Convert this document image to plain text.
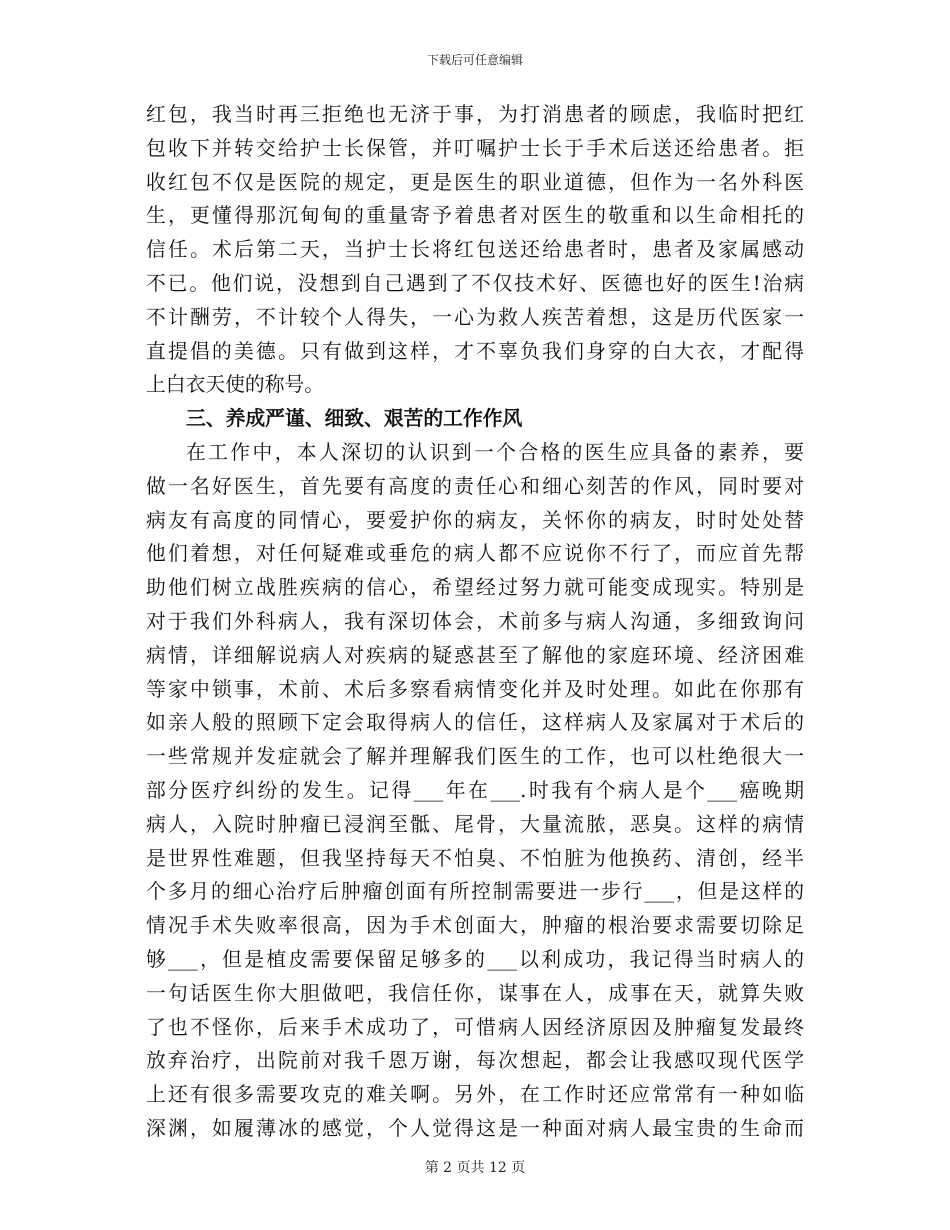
下载后可任意编辑
红包，我当时再三拒绝也无济于事，为打消患者的顾虑，我临时把红
包收下并转交给护士长保管，并叮嘱护士长于手术后送还给患者。拒
收红包不仅是医院的规定，更是医生的职业道德，但作为一名外科医
生，更懂得那沉甸甸的重量寄予着患者对医生的敬重和以生命相托的
信任。术后第二天，当护士长将红包送还给患者时，患者及家属感动
不已。他们说，没想到自己遇到了不仅技术好、医德也好的医生!治病
不计酬劳，不计较个人得失，一心为救人疾苦着想，这是历代医家一
直提倡的美德。只有做到这样，才不辜负我们身穿的白大衣，才配得
上白衣天使的称号。
三、养成严谨、细致、艰苦的工作作风
在工作中，本人深切的认识到一个合格的医生应具备的素养，要
做一名好医生，首先要有高度的责任心和细心刻苦的作风，同时要对
病友有高度的同情心，要爱护你的病友，关怀你的病友，时时处处替
他们着想，对任何疑难或垂危的病人都不应说你不行了，而应首先帮
助他们树立战胜疾病的信心，希望经过努力就可能变成现实。特别是
对于我们外科病人，我有深切体会，术前多与病人沟通，多细致询问
病情，详细解说病人对疾病的疑惑甚至了解他的家庭环境、经济困难
等家中锁事，术前、术后多察看病情变化并及时处理。如此在你那有
如亲人般的照顾下定会取得病人的信任，这样病人及家属对于术后的
一些常规并发症就会了解并理解我们医生的工作，也可以杜绝很大一
部分医疗纠纷的发生。记得___年在___.时我有个病人是个___癌晚期
病人，入院时肿瘤已浸润至骶、尾骨，大量流脓，恶臭。这样的病情
是世界性难题，但我坚持每天不怕臭、不怕脏为他换药、清创，经半
个多月的细心治疗后肿瘤创面有所控制需要进一步行___，但是这样的
情况手术失败率很高，因为手术创面大，肿瘤的根治要求需要切除足
够___，但是植皮需要保留足够多的___以利成功，我记得当时病人的
一句话医生你大胆做吧，我信任你，谋事在人，成事在天，就算失败
了也不怪你，后来手术成功了，可惜病人因经济原因及肿瘤复发最终
放弃治疗，出院前对我千恩万谢，每次想起，都会让我感叹现代医学
上还有很多需要攻克的难关啊。另外，在工作时还应常常有一种如临
深渊，如履薄冰的感觉，个人觉得这是一种面对病人最宝贵的生命而
第 2 页共 12 页
